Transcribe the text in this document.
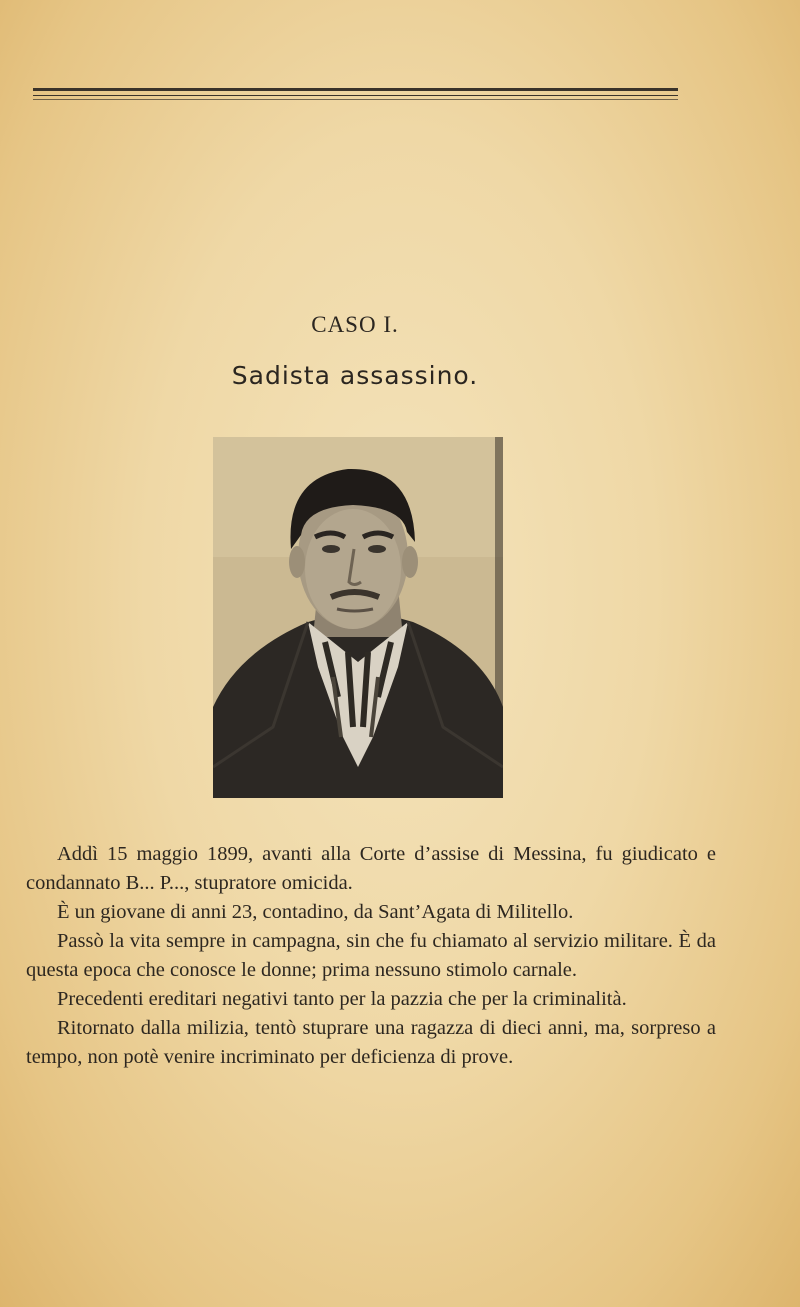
CASO I.
Sadista assassino.

Addì 15 maggio 1899, avanti alla Corte d’assise di Messina, fu giudicato e condannato B... P..., stupratore omicida.

È un giovane di anni 23, contadino, da Sant’Agata di Militello.

Passò la vita sempre in campagna, sin che fu chiamato al servizio militare. È da questa epoca che conosce le donne; prima nessuno stimolo carnale.

Precedenti ereditari negativi tanto per la pazzia che per la criminalità.

Ritornato dalla milizia, tentò stuprare una ragazza di dieci anni, ma, sorpreso a tempo, non potè venire incriminato per deficienza di prove.
